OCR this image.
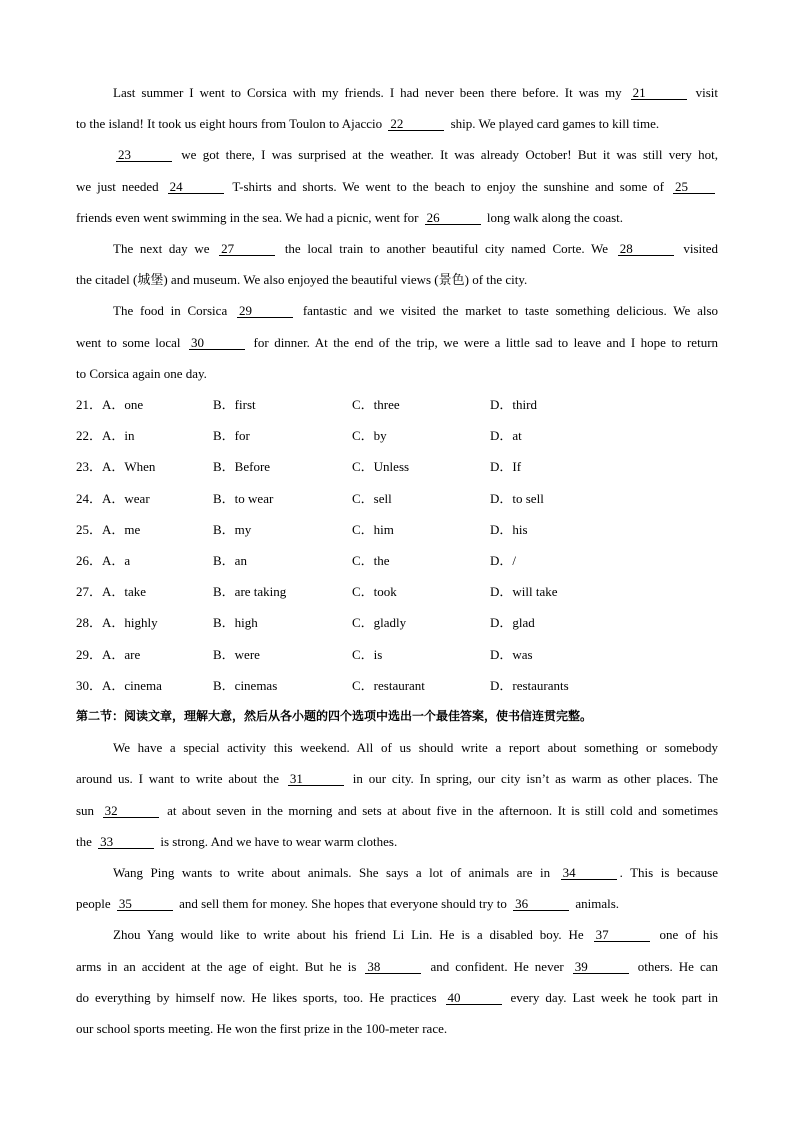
Last summer I went to Corsica with my friends. I had never been there before. It was my 21	visit
to the island! It took us eight hours from Toulon to Ajaccio 22	ship. We played card games to kill time.
23	we got there, I was surprised at the weather. It was already October! But it was still very hot,
we just needed 24	T-shirts and shorts. We went to the beach to enjoy the sunshine and some of 25
friends even went swimming in the sea. We had a picnic, went for 26	long walk along the coast.
The next day we 27	the local train to another beautiful city named Corte. We 28	visited
the citadel (城堡) and museum. We also enjoyed the beautiful views (景色) of the city.
The food in Corsica 29	fantastic and we visited the market to taste something delicious. We also
went to some local 30	for dinner. At the end of the trip, we were a little sad to leave and I hope to return
to Corsica again one day.
21．A．one	B．first	C．three	D．third
22．A．in	B．for	C．by	D．at
23．A．When	B．Before	C．Unless	D．If
24．A．wear	B．to wear	C．sell	D．to sell
25．A．me	B．my	C．him	D．his
26．A．a	B．an	C．the	D．/
27．A．take	B．are taking	C．took	D．will take
28．A．highly	B．high	C．gladly	D．glad
29．A．are	B．were	C．is	D．was
30．A．cinema	B．cinemas	C．restaurant	D．restaurants
第二节：阅读文章，理解大意，然后从各小题的四个选项中选出一个最佳答案，使书信连贯完整。
We have a special activity this weekend. All of us should write a report about something or somebody
around us. I want to write about the 31	in our city. In spring, our city isn’t as warm as other places. The
sun 32	at about seven in the morning and sets at about five in the afternoon. It is still cold and sometimes
the 33	is strong. And we have to wear warm clothes.
Wang Ping wants to write about animals. She says a lot of animals are in 34	. This is because
people 35	and sell them for money. She hopes that everyone should try to 36	animals.
Zhou Yang would like to write about his friend Li Lin. He is a disabled boy. He 37	one of his
arms in an accident at the age of eight. But he is 38	and confident. He never 39	others. He can
do everything by himself now. He likes sports, too. He practices 40	every day. Last week he took part in
our school sports meeting. He won the first prize in the 100-meter race.
